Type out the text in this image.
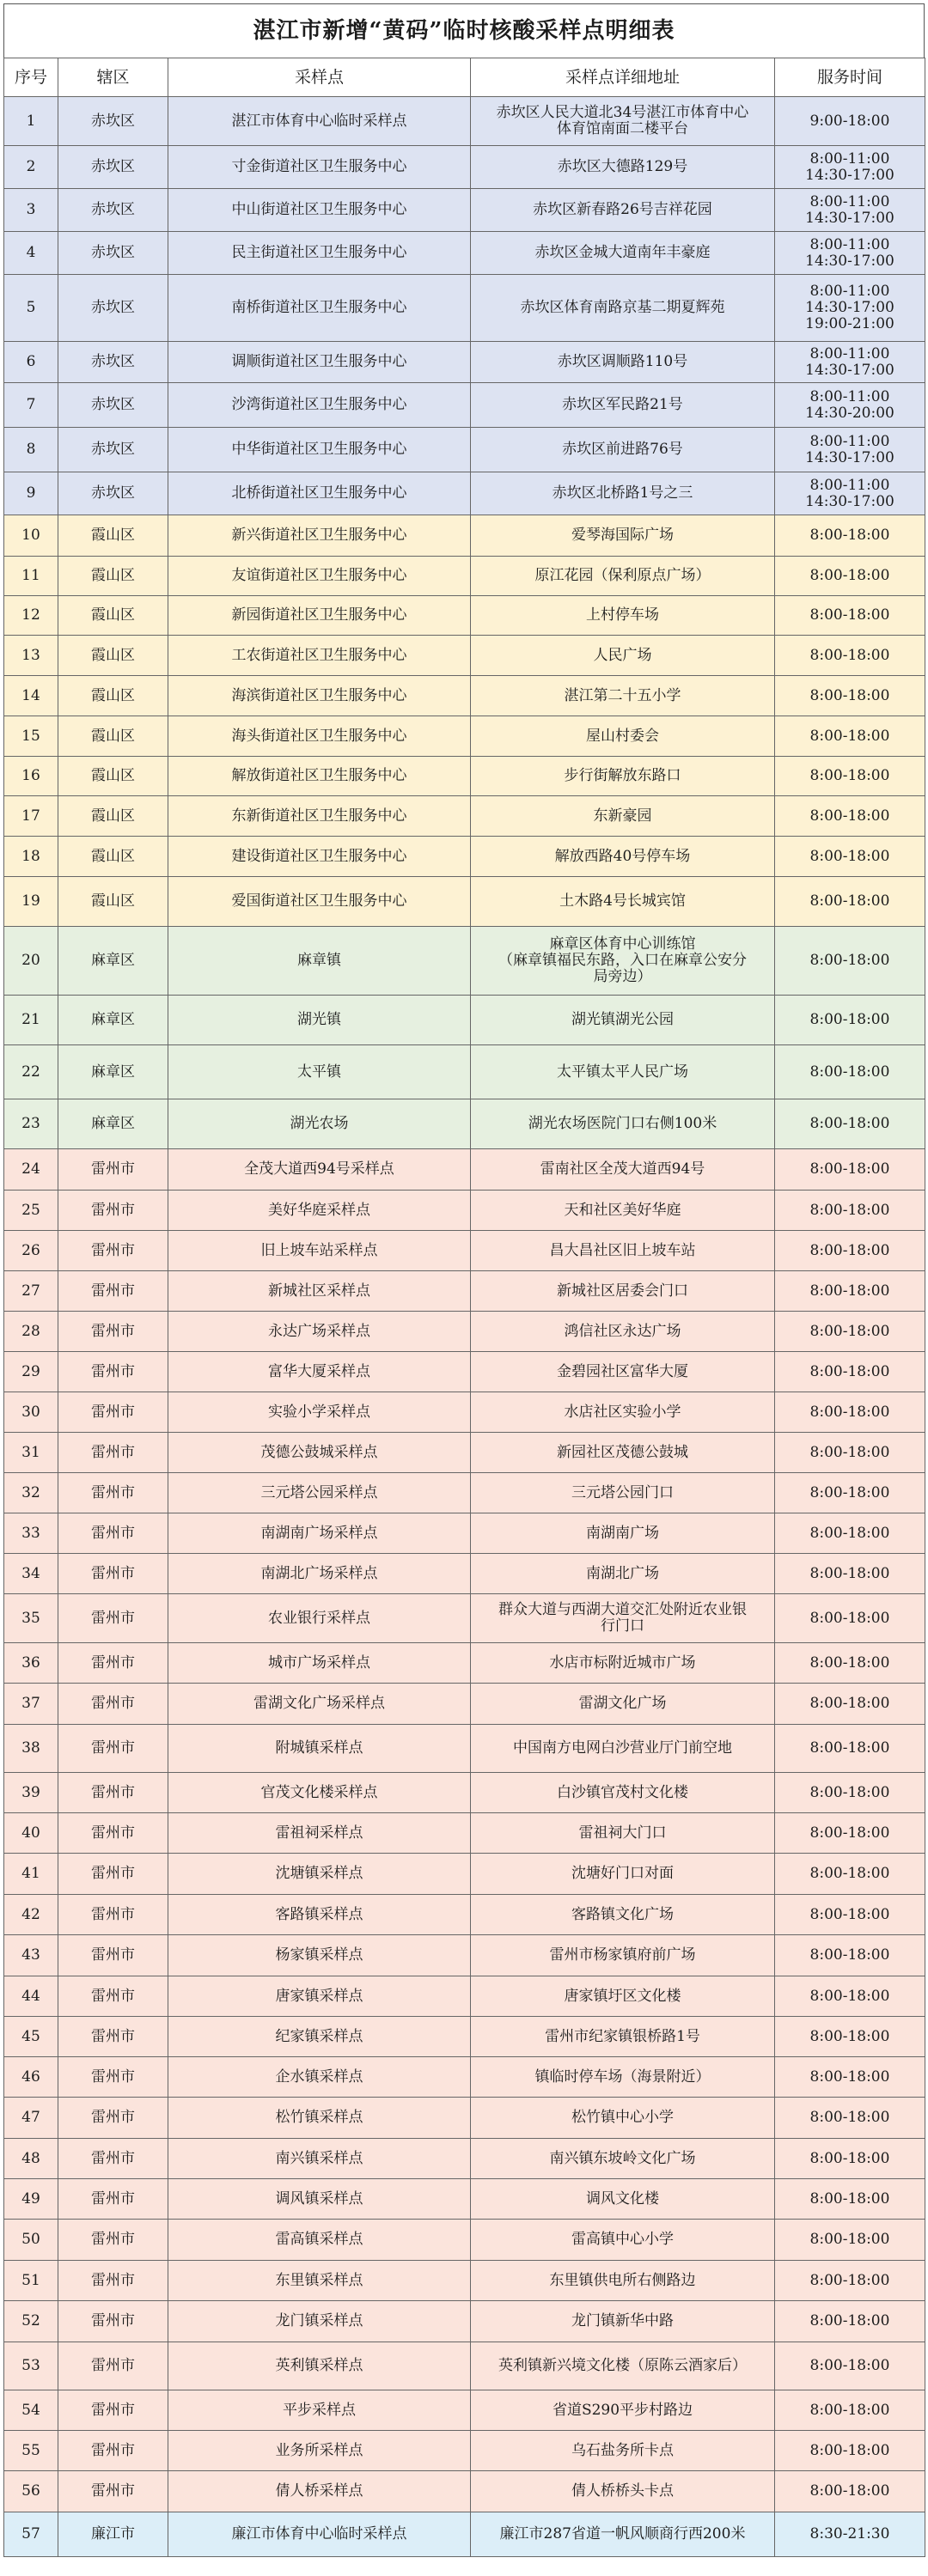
湛江市新增“黄码”临时核酸采样点明细表
序号	辖区	采样点	采样点详细地址	服务时间
1	赤坎区	湛江市体育中心临时采样点	赤坎区人民大道北34号湛江市体育中心
体育馆南面二楼平台	9:00-18:00
2	赤坎区	寸金街道社区卫生服务中心	赤坎区大德路129号	8:00-11:00
14:30-17:00
3	赤坎区	中山街道社区卫生服务中心	赤坎区新春路26号吉祥花园	8:00-11:00
14:30-17:00
4	赤坎区	民主街道社区卫生服务中心	赤坎区金城大道南年丰豪庭	8:00-11:00
14:30-17:00
5	赤坎区	南桥街道社区卫生服务中心	赤坎区体育南路京基二期夏辉苑	8:00-11:00
14:30-17:00
19:00-21:00
6	赤坎区	调顺街道社区卫生服务中心	赤坎区调顺路110号	8:00-11:00
14:30-17:00
7	赤坎区	沙湾街道社区卫生服务中心	赤坎区军民路21号	8:00-11:00
14:30-20:00
8	赤坎区	中华街道社区卫生服务中心	赤坎区前进路76号	8:00-11:00
14:30-17:00
9	赤坎区	北桥街道社区卫生服务中心	赤坎区北桥路1号之三	8:00-11:00
14:30-17:00
10	霞山区	新兴街道社区卫生服务中心	爱琴海国际广场	8:00-18:00
11	霞山区	友谊街道社区卫生服务中心	原江花园（保利原点广场）	8:00-18:00
12	霞山区	新园街道社区卫生服务中心	上村停车场	8:00-18:00
13	霞山区	工农街道社区卫生服务中心	人民广场	8:00-18:00
14	霞山区	海滨街道社区卫生服务中心	湛江第二十五小学	8:00-18:00
15	霞山区	海头街道社区卫生服务中心	屋山村委会	8:00-18:00
16	霞山区	解放街道社区卫生服务中心	步行街解放东路口	8:00-18:00
17	霞山区	东新街道社区卫生服务中心	东新豪园	8:00-18:00
18	霞山区	建设街道社区卫生服务中心	解放西路40号停车场	8:00-18:00
19	霞山区	爱国街道社区卫生服务中心	土木路4号长城宾馆	8:00-18:00
20	麻章区	麻章镇	麻章区体育中心训练馆
（麻章镇福民东路，入口在麻章公安分
局旁边）	8:00-18:00
21	麻章区	湖光镇	湖光镇湖光公园	8:00-18:00
22	麻章区	太平镇	太平镇太平人民广场	8:00-18:00
23	麻章区	湖光农场	湖光农场医院门口右侧100米	8:00-18:00
24	雷州市	全茂大道西94号采样点	雷南社区全茂大道西94号	8:00-18:00
25	雷州市	美好华庭采样点	天和社区美好华庭	8:00-18:00
26	雷州市	旧上坡车站采样点	昌大昌社区旧上坡车站	8:00-18:00
27	雷州市	新城社区采样点	新城社区居委会门口	8:00-18:00
28	雷州市	永达广场采样点	鸿信社区永达广场	8:00-18:00
29	雷州市	富华大厦采样点	金碧园社区富华大厦	8:00-18:00
30	雷州市	实验小学采样点	水店社区实验小学	8:00-18:00
31	雷州市	茂德公鼓城采样点	新园社区茂德公鼓城	8:00-18:00
32	雷州市	三元塔公园采样点	三元塔公园门口	8:00-18:00
33	雷州市	南湖南广场采样点	南湖南广场	8:00-18:00
34	雷州市	南湖北广场采样点	南湖北广场	8:00-18:00
35	雷州市	农业银行采样点	群众大道与西湖大道交汇处附近农业银
行门口	8:00-18:00
36	雷州市	城市广场采样点	水店市标附近城市广场	8:00-18:00
37	雷州市	雷湖文化广场采样点	雷湖文化广场	8:00-18:00
38	雷州市	附城镇采样点	中国南方电网白沙营业厅门前空地	8:00-18:00
39	雷州市	官茂文化楼采样点	白沙镇官茂村文化楼	8:00-18:00
40	雷州市	雷祖祠采样点	雷祖祠大门口	8:00-18:00
41	雷州市	沈塘镇采样点	沈塘好门口对面	8:00-18:00
42	雷州市	客路镇采样点	客路镇文化广场	8:00-18:00
43	雷州市	杨家镇采样点	雷州市杨家镇府前广场	8:00-18:00
44	雷州市	唐家镇采样点	唐家镇圩区文化楼	8:00-18:00
45	雷州市	纪家镇采样点	雷州市纪家镇银桥路1号	8:00-18:00
46	雷州市	企水镇采样点	镇临时停车场（海景附近）	8:00-18:00
47	雷州市	松竹镇采样点	松竹镇中心小学	8:00-18:00
48	雷州市	南兴镇采样点	南兴镇东坡岭文化广场	8:00-18:00
49	雷州市	调风镇采样点	调风文化楼	8:00-18:00
50	雷州市	雷高镇采样点	雷高镇中心小学	8:00-18:00
51	雷州市	东里镇采样点	东里镇供电所右侧路边	8:00-18:00
52	雷州市	龙门镇采样点	龙门镇新华中路	8:00-18:00
53	雷州市	英利镇采样点	英利镇新兴境文化楼（原陈云酒家后）	8:00-18:00
54	雷州市	平步采样点	省道S290平步村路边	8:00-18:00
55	雷州市	业务所采样点	乌石盐务所卡点	8:00-18:00
56	雷州市	倩人桥采样点	倩人桥桥头卡点	8:00-18:00
57	廉江市	廉江市体育中心临时采样点	廉江市287省道一帆风顺商行西200米	8:30-21:30
